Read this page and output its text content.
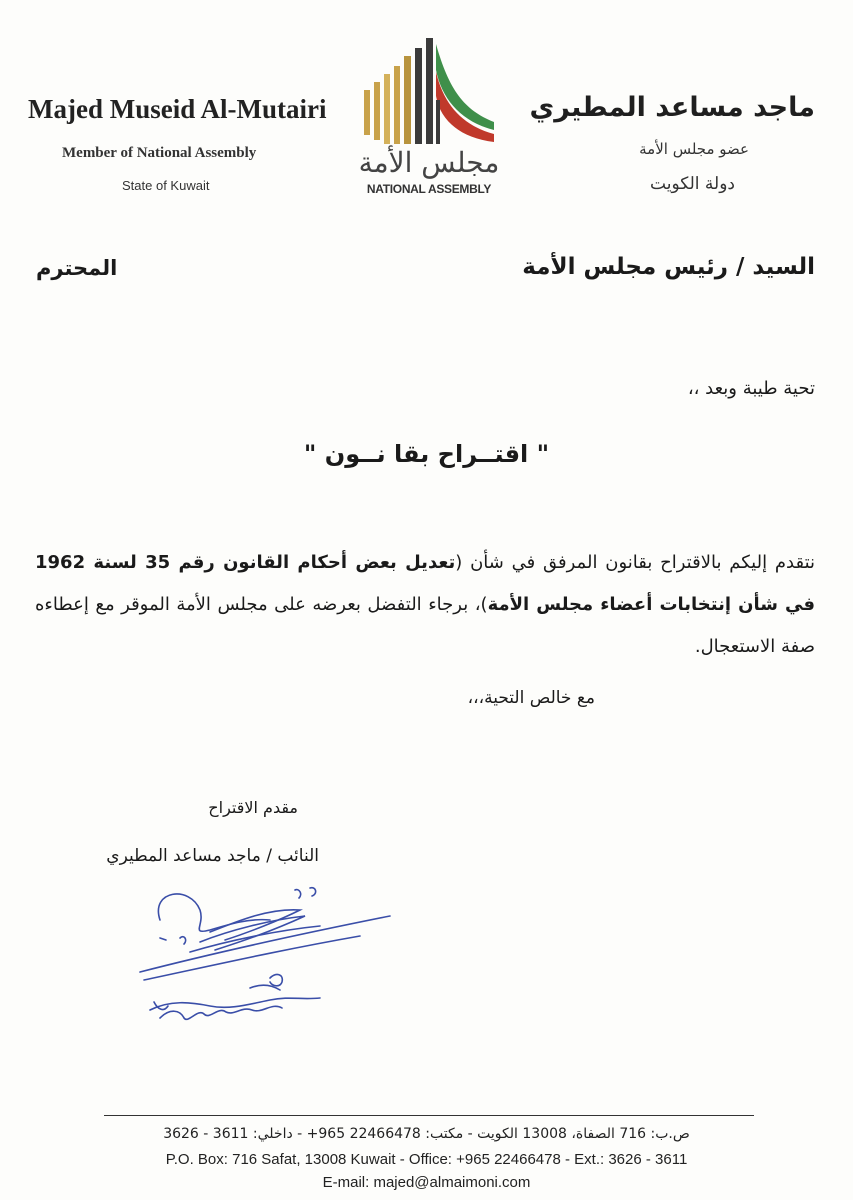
Majed Museid Al-Mutairi
Member of National Assembly
State of Kuwait
ماجد مساعد المطيري
عضو مجلس الأمة
دولة الكويت
مجلس الأمة
NATIONAL ASSEMBLY
السيد / رئيس مجلس الأمة
المحترم
تحية طيبة وبعد ،،
" اقتــراح بقا نــون "
نتقدم إليكم بالاقتراح بقانون المرفق في شأن (تعديل بعض أحكام القانون رقم 35 لسنة 1962 في شأن إنتخابات أعضاء مجلس الأمة)، برجاء التفضل بعرضه على مجلس الأمة الموقر مع إعطاءه صفة الاستعجال.
مع خالص التحية،،،
مقدم الاقتراح
النائب / ماجد مساعد المطيري
ص.ب: 716 الصفاة، 13008 الكويت - مكتب: 22466478 965+ - داخلي: 3611 - 3626
P.O. Box: 716 Safat, 13008 Kuwait - Office: +965 22466478 - Ext.: 3626 - 3611
E-mail: majed@almaimoni.com
